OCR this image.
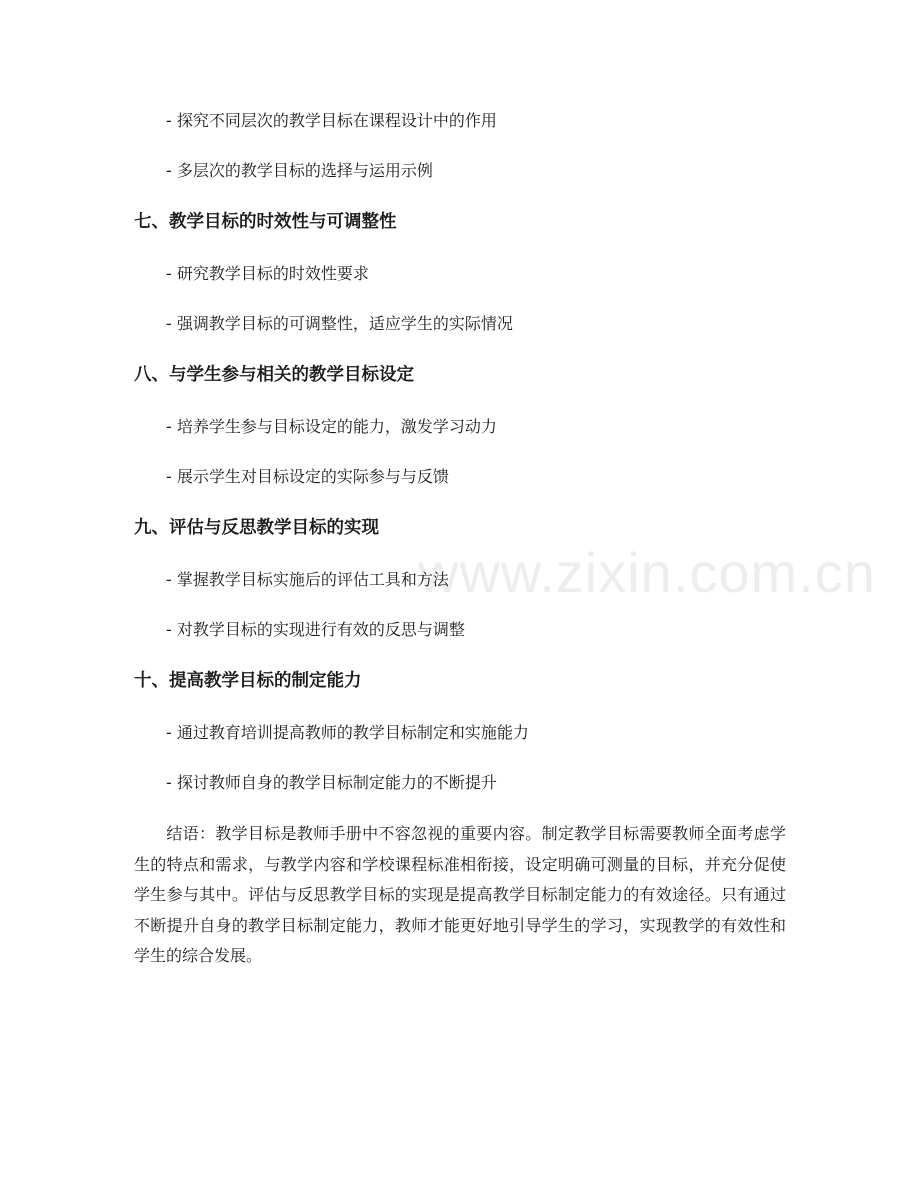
- 探究不同层次的教学目标在课程设计中的作用
- 多层次的教学目标的选择与运用示例
七、教学目标的时效性与可调整性
- 研究教学目标的时效性要求
- 强调教学目标的可调整性，适应学生的实际情况
八、与学生参与相关的教学目标设定
- 培养学生参与目标设定的能力，激发学习动力
- 展示学生对目标设定的实际参与与反馈
九、评估与反思教学目标的实现
- 掌握教学目标实施后的评估工具和方法
- 对教学目标的实现进行有效的反思与调整
十、提高教学目标的制定能力
- 通过教育培训提高教师的教学目标制定和实施能力
- 探讨教师自身的教学目标制定能力的不断提升
结语：教学目标是教师手册中不容忽视的重要内容。制定教学目标需要教师全面考虑学生的特点和需求，与教学内容和学校课程标准相衔接，设定明确可测量的目标，并充分促使学生参与其中。评估与反思教学目标的实现是提高教学目标制定能力的有效途径。只有通过不断提升自身的教学目标制定能力，教师才能更好地引导学生的学习，实现教学的有效性和学生的综合发展。
www.zixin.com.cn
